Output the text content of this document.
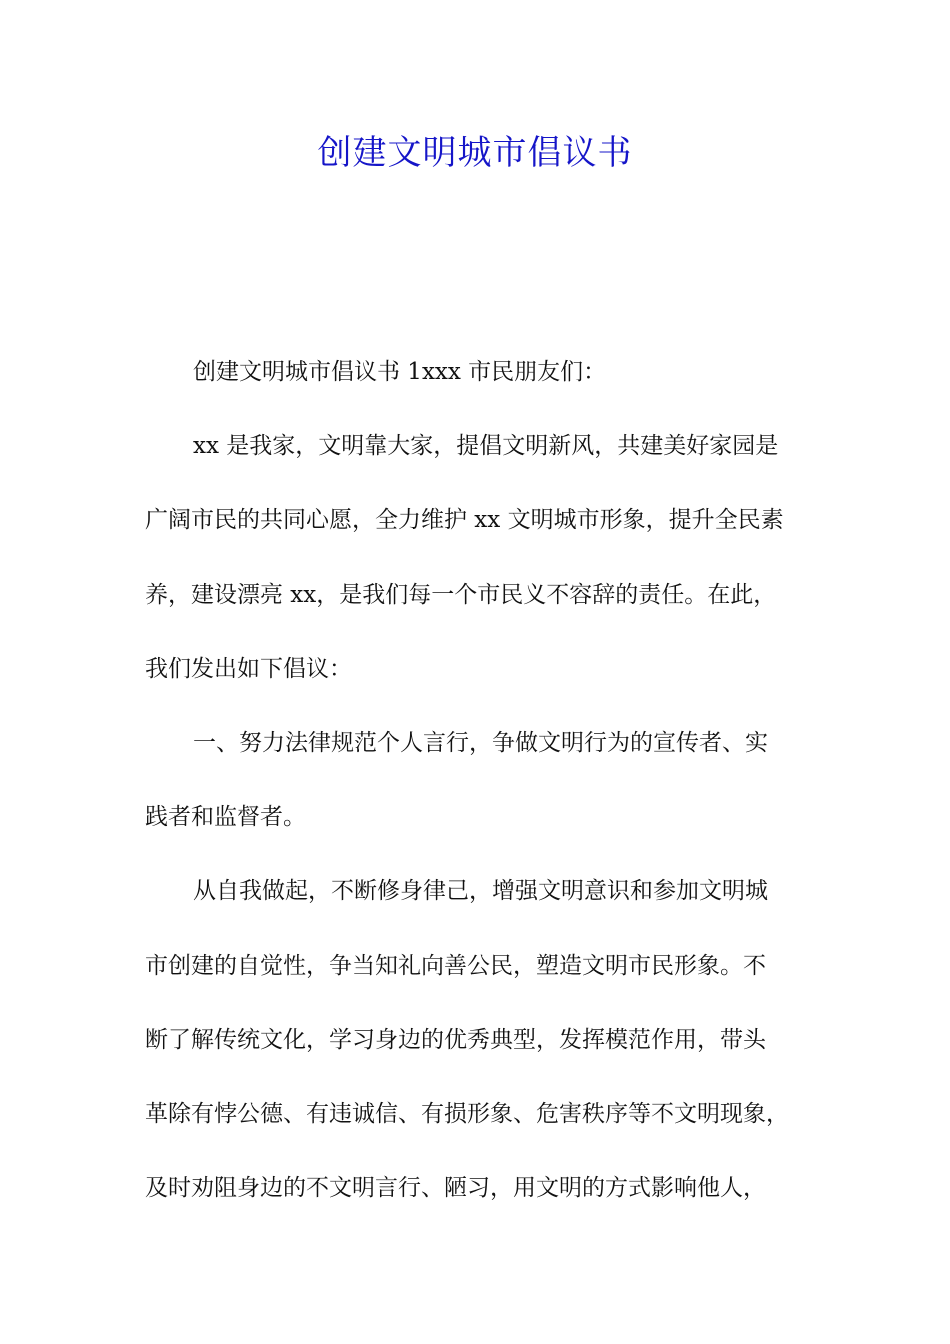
创建文明城市倡议书
创建文明城市倡议书 1xxx 市民朋友们：
xx 是我家，文明靠大家，提倡文明新风，共建美好家园是
广阔市民的共同心愿，全力维护 xx 文明城市形象，提升全民素
养，建设漂亮 xx，是我们每一个市民义不容辞的责任。在此，
我们发出如下倡议：
一、努力法律规范个人言行，争做文明行为的宣传者、实
践者和监督者。
从自我做起，不断修身律己，增强文明意识和参加文明城
市创建的自觉性，争当知礼向善公民，塑造文明市民形象。不
断了解传统文化，学习身边的优秀典型，发挥模范作用，带头
革除有悖公德、有违诚信、有损形象、危害秩序等不文明现象，
及时劝阻身边的不文明言行、陋习，用文明的方式影响他人，
